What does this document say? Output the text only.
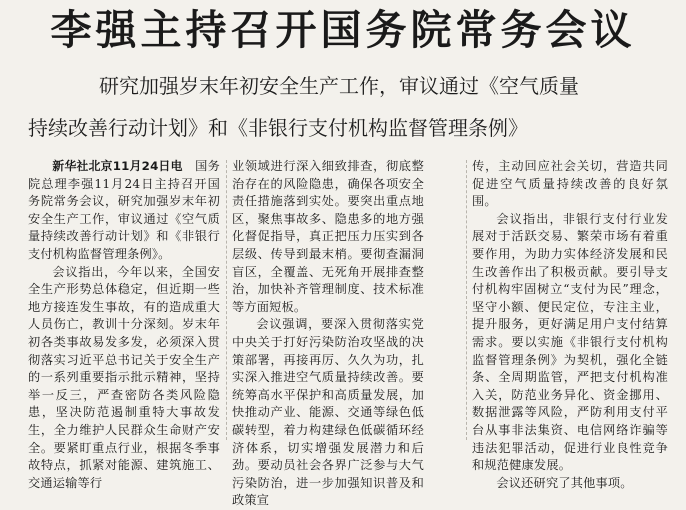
李强主持召开国务院常务会议
研究加强岁末年初安全生产工作，审议通过《空气质量
持续改善行动计划》和《非银行支付机构监督管理条例》

新华社北京11月24日电　 国务院总理李强11月24日主持召开国务院常务会议，研究加强岁末年初安全生产工作，审议通过《空气质量持续改善行动计划》和《非银行支付机构监督管理条例》。

会议指出，今年以来，全国安全生产形势总体稳定，但近期一些地方接连发生事故，有的造成重大人员伤亡，教训十分深刻。岁末年初各类事故易发多发，必须深入贯彻落实习近平总书记关于安全生产的一系列重要指示批示精神，坚持举一反三，严查密防各类风险隐患，坚决防范遏制重特大事故发生，全力维护人民群众生命财产安全。要紧盯重点行业，根据冬季事故特点，抓紧对能源、建筑施工、交通运输等行

业领域进行深入细致排查，彻底整治存在的风险隐患，确保各项安全责任措施落到实处。要突出重点地区，聚焦事故多、隐患多的地方强化督促指导，真正把压力压实到各层级、传导到最末梢。要彻查漏洞盲区，全覆盖、无死角开展排查整治，加快补齐管理制度、技术标准等方面短板。

会议强调，要深入贯彻落实党中央关于打好污染防治攻坚战的决策部署，再接再厉、久久为功，扎实深入推进空气质量持续改善。要统筹高水平保护和高质量发展，加快推动产业、能源、交通等绿色低碳转型，着力构建绿色低碳循环经济体系，切实增强发展潜力和后劲。要动员社会各界广泛参与大气污染防治，进一步加强知识普及和政策宣

传，主动回应社会关切，营造共同促进空气质量持续改善的良好氛围。

会议指出，非银行支付行业发展对于活跃交易、繁荣市场有着重要作用，为助力实体经济发展和民生改善作出了积极贡献。要引导支付机构牢固树立“支付为民”理念，坚守小额、便民定位，专注主业，提升服务，更好满足用户支付结算需求。要以实施《非银行支付机构监督管理条例》为契机，强化全链条、全周期监管，严把支付机构准入关，防范业务异化、资金挪用、数据泄露等风险，严防利用支付平台从事非法集资、电信网络诈骗等违法犯罪活动，促进行业良性竞争和规范健康发展。

会议还研究了其他事项。
